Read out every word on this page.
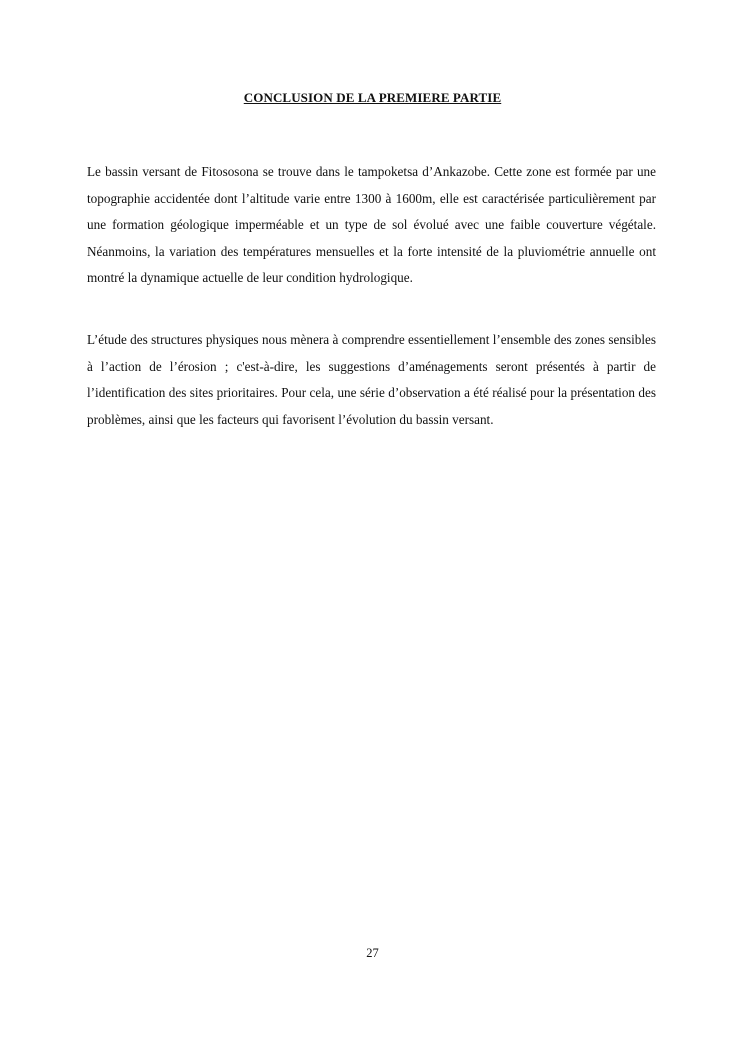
CONCLUSION DE LA PREMIERE PARTIE

Le bassin versant de Fitososona se trouve dans le tampoketsa d’Ankazobe. Cette zone est formée par une topographie accidentée dont l’altitude varie entre 1300 à 1600m, elle est caractérisée particulièrement par une formation géologique imperméable et un type de sol évolué avec une faible couverture végétale. Néanmoins, la variation des températures mensuelles et la forte intensité de la pluviométrie annuelle ont montré la dynamique actuelle de leur condition hydrologique.

L’étude des structures physiques nous mènera à comprendre essentiellement l’ensemble des zones sensibles à l’action de l’érosion ; c'est-à-dire, les suggestions d’aménagements seront présentés à partir de l’identification des sites prioritaires. Pour cela, une série d’observation a été réalisé pour la présentation des problèmes, ainsi que les facteurs qui favorisent l’évolution du bassin versant.

27
